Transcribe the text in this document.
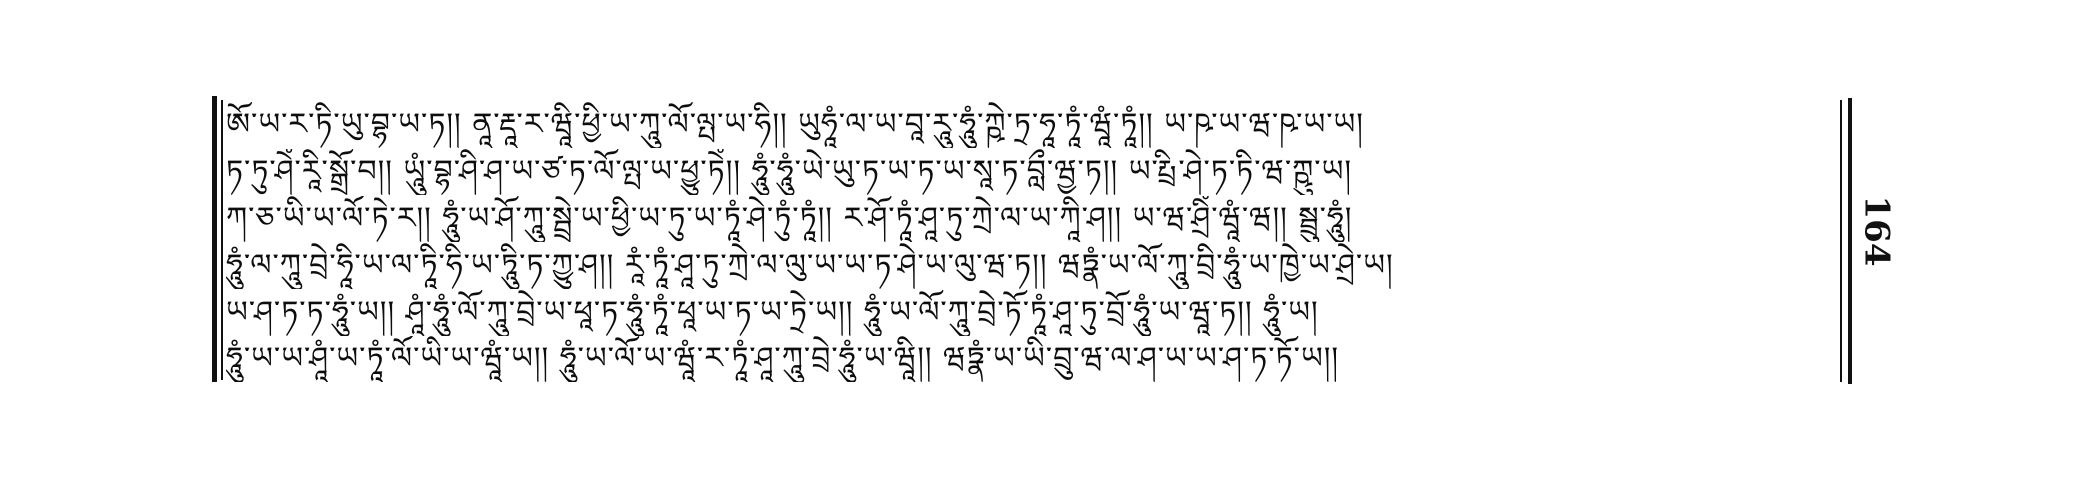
ཨོ་ཡ་ར་ཏི་ཡུ་བྷ་ཡ་ཏ།། ནཱ་རྡཱ་ར་ཝཱི་ཕྱི་ཡ་ཀཱུ་ལོ་ལྤ་ཡ་ཧི།། ཡུཧཱཾ་ལ་ཡ་བཱ་རཱུ་ཧཱུཾ་ཀྵེ་ཏྲ་ཧཱ་ཏཱཾ་ཝཱཾ་ཏཱཾ།། ཡ་ཥ་ཡ་ཝ་ཥ་ཡ་ཡ།
ཏ་ཏུ་ཤེཾ་རཱི་སྒྲོ་བ།། ཡཱུཾ་བྷ་ཤི་ཤ་ཡ་ཙ་ཏ་ལོ་ལྤ་ཡ་ཕྱུ་ཏེཾ།། ཧཱུཾ་ཧཱུཾ་ཡེ་ཡུ་ཏ་ཡ་ཏ་ཡ་སཱ་ཏ་བླྀ་ཝྱ་ཏ།། ཡ་རྤྲི་ཤེ་ཏ་ཏི་ཝ་ཀྵུ་ཡ།
ཀ་ཅ་ཡི་ཡ་ལོ་ཏེ་ར།། ཧཱུཾ་ཡ་ཤོ་ཀཱུ་སྦྲེ་ཡ་ཕྱི་ཡ་ཏུ་ཡ་ཏཱཾ་ཤེ་ཏུཾ་ཏཱཾ།། ར་ཤོ་ཏཱཾ་ཤཱ་ཏུ་ཀྲེ་ལ་ཡ་ཀཱི་ཤ།། ཡ་ཝ་ཤྲིཾ་ཝཱཾ་ཝ།། སྦྲུ་ཧཱུཾ།
ཧཱུཾ་ལ་ཀཱུ་བྲེ་ཧཱི་ཡ་ལ་ཏཱི་ཧི་ཡ་ཏཱིུ་ཏ་ཀྱུ་ཤ།། རཱཾ་ཏཱཾ་ཤཱ་ཏུ་ཀྲེ་ལ་ལུ་ཡ་ཡ་ཏ་ཤེ་ཡ་ལུ་ཝ་ཏ།། ཝཏྣཾ་ཡ་ལོ་ཀཱུ་བྲི་ཧཱུཾ་ཡ་ཁྱེ་ཡ་ཤྲེ་ཡ།
ཡ་ཤ་ཏ་ཏ་ཧཱུཾ་ཡ།། ཤཱཾ་ཧཱུཾ་ལོ་ཀཱུ་བྲེ་ཡ་ཕཱ་ཏ་ཧཱུཾ་ཏཱཾ་ཕཱ་ཡ་ཏ་ཡ་ཏྲེ་ཡ།། ཧཱུཾ་ཡ་ལོ་ཀཱུ་བྲེ་ཏོ་ཏཱཾ་ཤཱ་ཏུ་བྲོ་ཧཱུཾ་ཡ་ཝཱ་ཏ།། ཧཱུཾ་ཡ།
ཧཱུཾ་ཡ་ཡ་ཤཱཾ་ཡ་ཏཱཾ་ལོ་ཡི་ཡ་ཝཱཾ་ཡ།། ཧཱུཾ་ཡ་ལོ་ཡ་ཝཱཾ་ར་ཏཱཾ་ཤཱ་ཀཱུ་བྲེ་ཧཱུཾ་ཡ་ཝཱི།། ཝཏྣཾ་ཡ་ཡི་བྲུ་ཝ་ལ་ཤ་ཡ་ཡ་ཤ་ཏ་ཏོ་ཡ།།
164
